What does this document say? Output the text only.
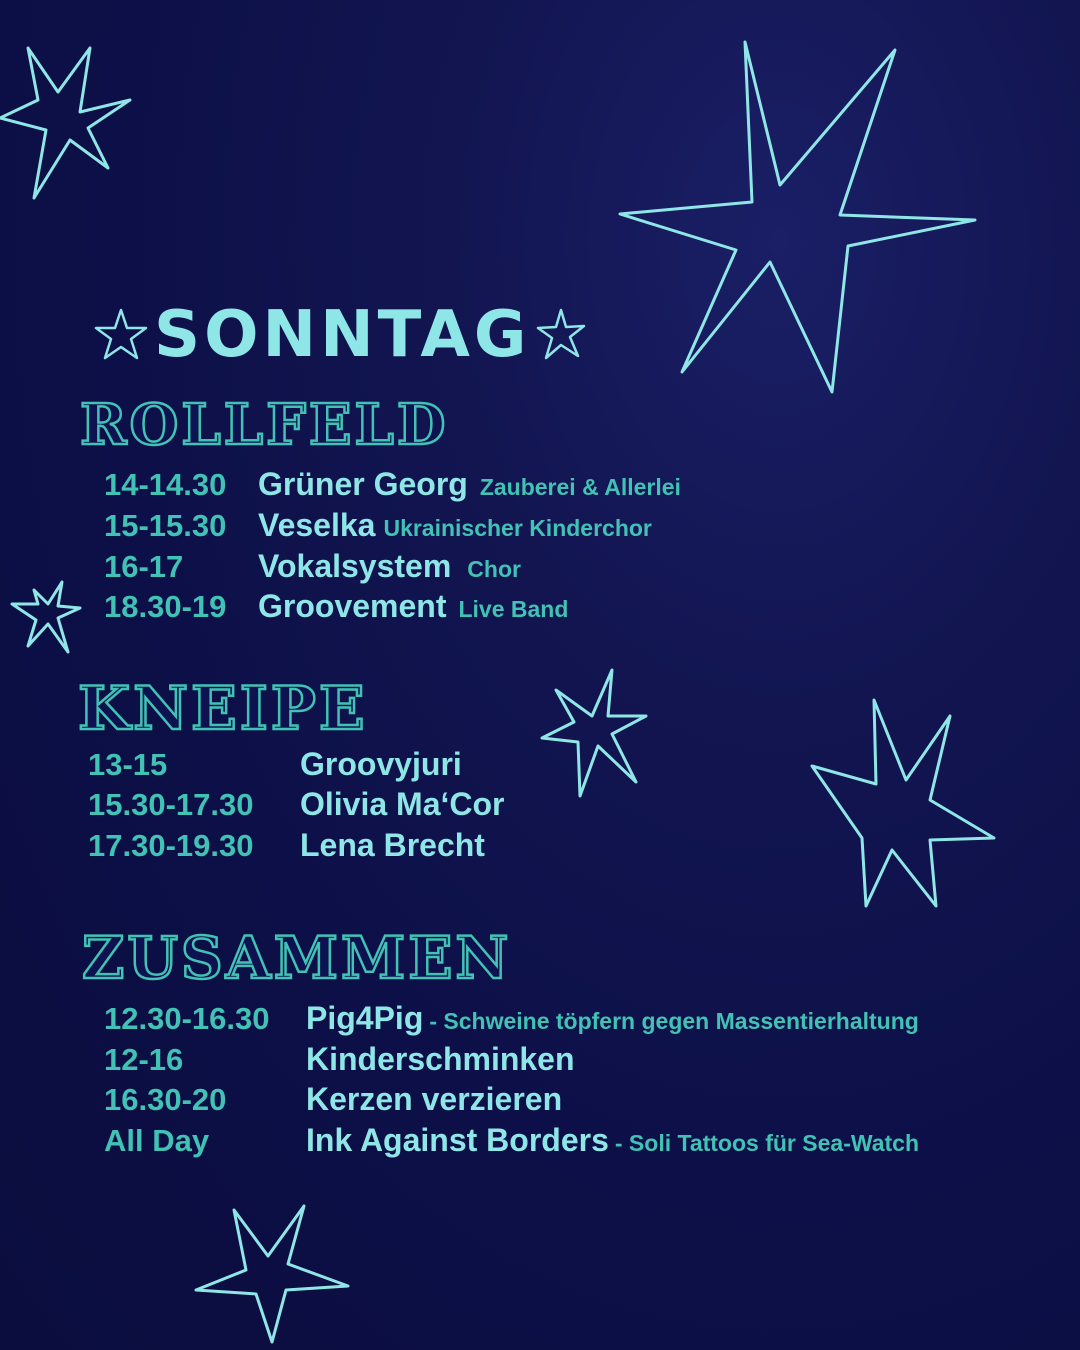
SONNTAG
ROLLFELD
14-14.30 Grüner Georg Zauberei & Allerlei
15-15.30 Veselka Ukrainischer Kinderchor
16-17	Vokalsystem Chor
18.30-19 Groovement Live Band
KNEIPE
13-15	Groovyjuri
15.30-17.30	Olivia Ma‘Cor
17.30-19.30	Lena Brecht
ZUSAMMEN
12.30-16.30	Pig4Pig - Schweine töpfern gegen Massentierhaltung
12-16	Kinderschminken
16.30-20	Kerzen verzieren
All Day	Ink Against Borders - Soli Tattoos für Sea-Watch
